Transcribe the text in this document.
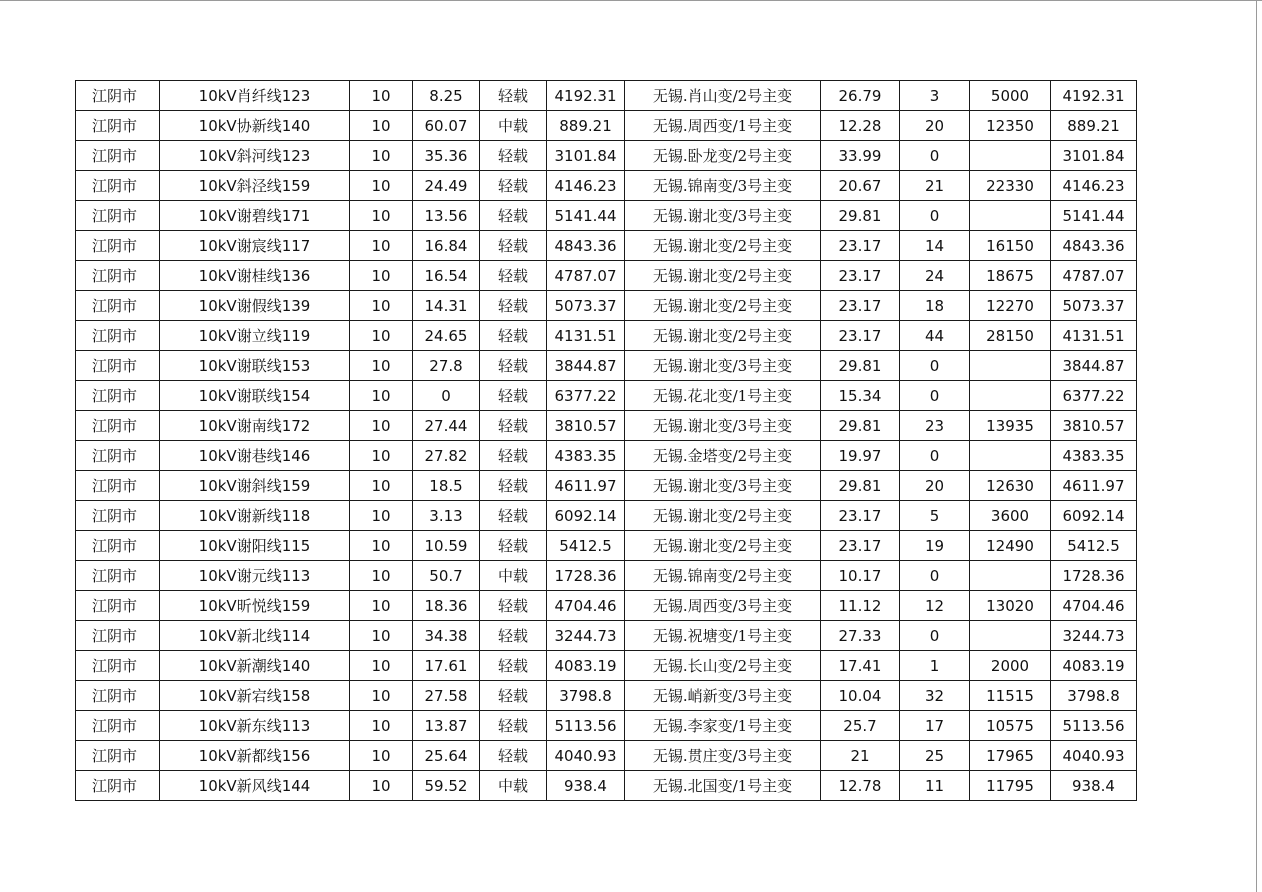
江阴市	10kV肖纤线123	10	8.25	轻载	4192.31	无锡.肖山变/2号主变	26.79	3	5000	4192.31
江阴市	10kV协新线140	10	60.07	中载	889.21	无锡.周西变/1号主变	12.28	20	12350	889.21
江阴市	10kV斜河线123	10	35.36	轻载	3101.84	无锡.卧龙变/2号主变	33.99	0		3101.84
江阴市	10kV斜泾线159	10	24.49	轻载	4146.23	无锡.锦南变/3号主变	20.67	21	22330	4146.23
江阴市	10kV谢碧线171	10	13.56	轻载	5141.44	无锡.谢北变/3号主变	29.81	0		5141.44
江阴市	10kV谢宸线117	10	16.84	轻载	4843.36	无锡.谢北变/2号主变	23.17	14	16150	4843.36
江阴市	10kV谢桂线136	10	16.54	轻载	4787.07	无锡.谢北变/2号主变	23.17	24	18675	4787.07
江阴市	10kV谢假线139	10	14.31	轻载	5073.37	无锡.谢北变/2号主变	23.17	18	12270	5073.37
江阴市	10kV谢立线119	10	24.65	轻载	4131.51	无锡.谢北变/2号主变	23.17	44	28150	4131.51
江阴市	10kV谢联线153	10	27.8	轻载	3844.87	无锡.谢北变/3号主变	29.81	0		3844.87
江阴市	10kV谢联线154	10	0	轻载	6377.22	无锡.花北变/1号主变	15.34	0		6377.22
江阴市	10kV谢南线172	10	27.44	轻载	3810.57	无锡.谢北变/3号主变	29.81	23	13935	3810.57
江阴市	10kV谢巷线146	10	27.82	轻载	4383.35	无锡.金塔变/2号主变	19.97	0		4383.35
江阴市	10kV谢斜线159	10	18.5	轻载	4611.97	无锡.谢北变/3号主变	29.81	20	12630	4611.97
江阴市	10kV谢新线118	10	3.13	轻载	6092.14	无锡.谢北变/2号主变	23.17	5	3600	6092.14
江阴市	10kV谢阳线115	10	10.59	轻载	5412.5	无锡.谢北变/2号主变	23.17	19	12490	5412.5
江阴市	10kV谢元线113	10	50.7	中载	1728.36	无锡.锦南变/2号主变	10.17	0		1728.36
江阴市	10kV昕悦线159	10	18.36	轻载	4704.46	无锡.周西变/3号主变	11.12	12	13020	4704.46
江阴市	10kV新北线114	10	34.38	轻载	3244.73	无锡.祝塘变/1号主变	27.33	0		3244.73
江阴市	10kV新潮线140	10	17.61	轻载	4083.19	无锡.长山变/2号主变	17.41	1	2000	4083.19
江阴市	10kV新宕线158	10	27.58	轻载	3798.8	无锡.峭新变/3号主变	10.04	32	11515	3798.8
江阴市	10kV新东线113	10	13.87	轻载	5113.56	无锡.李家变/1号主变	25.7	17	10575	5113.56
江阴市	10kV新都线156	10	25.64	轻载	4040.93	无锡.贯庄变/3号主变	21	25	17965	4040.93
江阴市	10kV新风线144	10	59.52	中载	938.4	无锡.北国变/1号主变	12.78	11	11795	938.4
